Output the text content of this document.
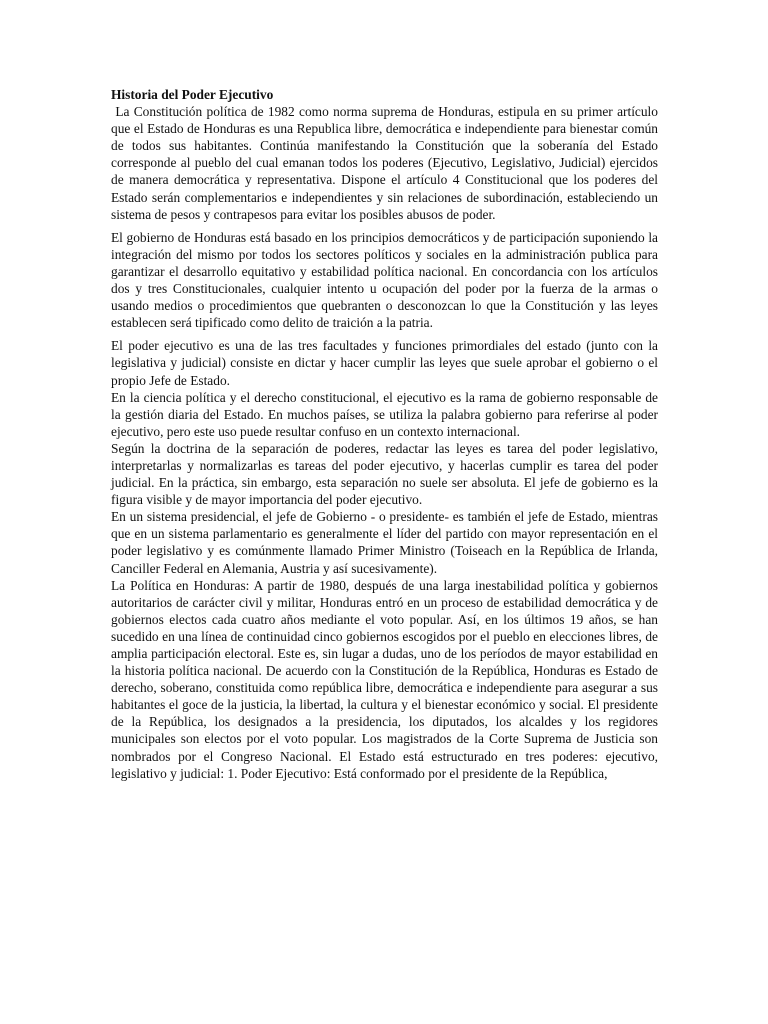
Historia del Poder Ejecutivo
La Constitución política de 1982 como norma suprema de Honduras, estipula en su primer artículo que el Estado de Honduras es una Republica libre, democrática e independiente para bienestar común de todos sus habitantes. Continúa manifestando la Constitución que la soberanía del Estado corresponde al pueblo del cual emanan todos los poderes (Ejecutivo, Legislativo, Judicial) ejercidos de manera democrática y representativa. Dispone el artículo 4 Constitucional que los poderes del Estado serán complementarios e independientes y sin relaciones de subordinación, estableciendo un sistema de pesos y contrapesos para evitar los posibles abusos de poder.
El gobierno de Honduras está basado en los principios democráticos y de participación suponiendo la integración del mismo por todos los sectores políticos y sociales en la administración publica para garantizar el desarrollo equitativo y estabilidad política nacional. En concordancia con los artículos dos y tres Constitucionales, cualquier intento u ocupación del poder por la fuerza de la armas o usando medios o procedimientos que quebranten o desconozcan lo que la Constitución y las leyes establecen será tipificado como delito de traición a la patria.
El poder ejecutivo es una de las tres facultades y funciones primordiales del estado (junto con la legislativa y judicial) consiste en dictar y hacer cumplir las leyes que suele aprobar el gobierno o el propio Jefe de Estado.
En la ciencia política y el derecho constitucional, el ejecutivo es la rama de gobierno responsable de la gestión diaria del Estado. En muchos países, se utiliza la palabra gobierno para referirse al poder ejecutivo, pero este uso puede resultar confuso en un contexto internacional.
Según la doctrina de la separación de poderes, redactar las leyes es tarea del poder legislativo, interpretarlas y normalizarlas es tareas del poder ejecutivo, y hacerlas cumplir es tarea del poder judicial. En la práctica, sin embargo, esta separación no suele ser absoluta. El jefe de gobierno es la figura visible y de mayor importancia del poder ejecutivo.
En un sistema presidencial, el jefe de Gobierno - o presidente- es también el jefe de Estado, mientras que en un sistema parlamentario es generalmente el líder del partido con mayor representación en el poder legislativo y es comúnmente llamado Primer Ministro (Toiseach en la República de Irlanda, Canciller Federal en Alemania, Austria y así sucesivamente).
La Política en Honduras: A partir de 1980, después de una larga inestabilidad política y gobiernos autoritarios de carácter civil y militar, Honduras entró en un proceso de estabilidad democrática y de gobiernos electos cada cuatro años mediante el voto popular. Así, en los últimos 19 años, se han sucedido en una línea de continuidad cinco gobiernos escogidos por el pueblo en elecciones libres, de amplia participación electoral. Este es, sin lugar a dudas, uno de los períodos de mayor estabilidad en la historia política nacional. De acuerdo con la Constitución de la República, Honduras es Estado de derecho, soberano, constituida como república libre, democrática e independiente para asegurar a sus habitantes el goce de la justicia, la libertad, la cultura y el bienestar económico y social. El presidente de la República, los designados a la presidencia, los diputados, los alcaldes y los regidores municipales son electos por el voto popular. Los magistrados de la Corte Suprema de Justicia son nombrados por el Congreso Nacional. El Estado está estructurado en tres poderes: ejecutivo, legislativo y judicial: 1. Poder Ejecutivo: Está conformado por el presidente de la República,
